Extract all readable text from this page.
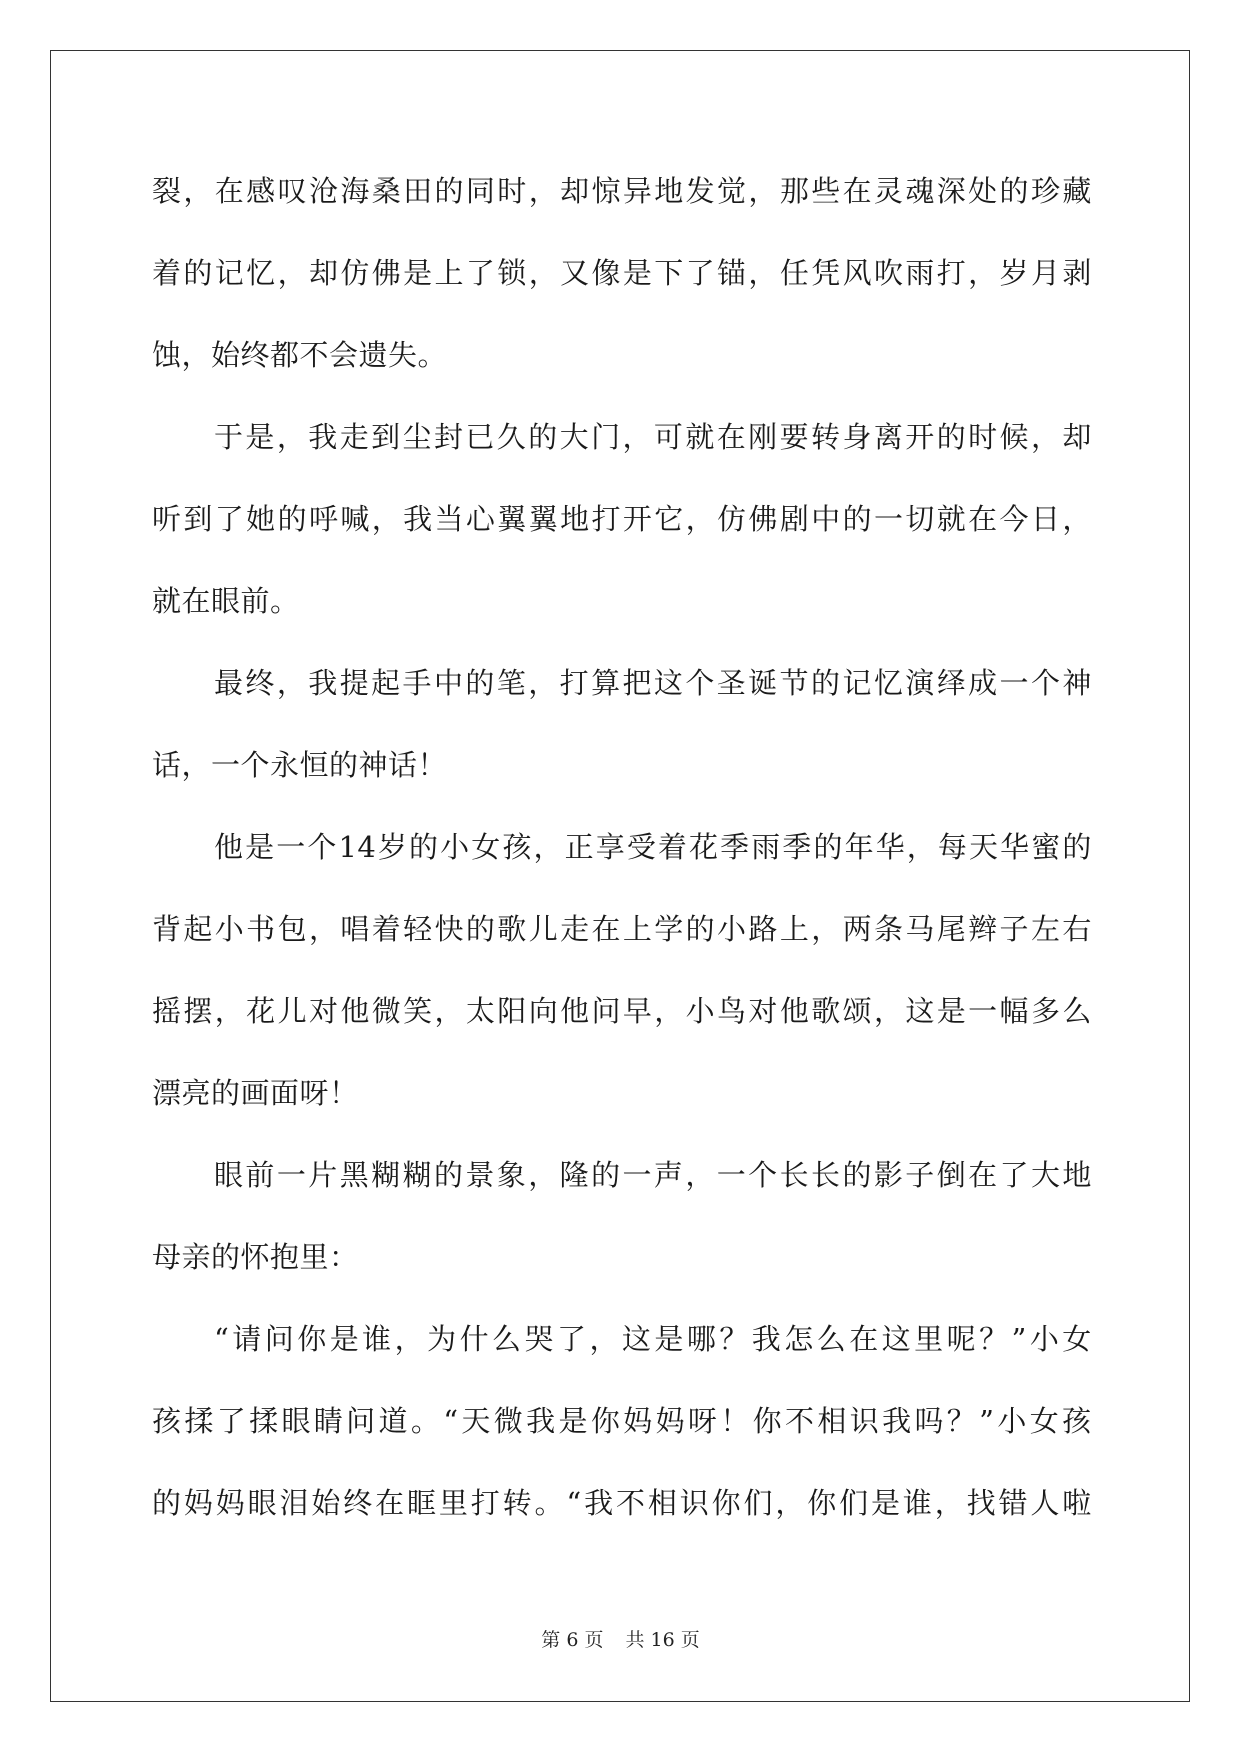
裂 ， 在 感 叹 沧 海 桑 田 的 同 时 ， 却 惊 异 地 发 觉 ， 那 些 在 灵 魂 深 处 的 珍 藏
着 的 记 忆 ， 却 仿 佛 是 上 了 锁 ， 又 像 是 下 了 锚 ， 任 凭 风 吹 雨 打 ， 岁 月 剥
蚀，始终都不会遗失。
于 是 ， 我 走 到 尘 封 已 久 的 大 门 ， 可 就 在 刚 要 转 身 离 开 的 时 候 ， 却
听 到 了 她 的 呼 喊 ， 我 当 心 翼 翼 地 打 开 它 ， 仿 佛 剧 中 的 一 切 就 在 今 日 ，
就在眼前。
最 终 ， 我 提 起 手 中 的 笔 ， 打 算 把 这 个 圣 诞 节 的 记 忆 演 绎 成 一 个 神
话，一个永恒的神话！
他 是 一 个 14 岁 的 小 女 孩 ， 正 享 受 着 花 季 雨 季 的 年 华 ， 每 天 华 蜜 的
背 起 小 书 包 ， 唱 着 轻 快 的 歌 儿 走 在 上 学 的 小 路 上 ， 两 条 马 尾 辫 子 左 右
摇 摆 ， 花 儿 对 他 微 笑 ， 太 阳 向 他 问 早 ， 小 鸟 对 他 歌 颂 ， 这 是 一 幅 多 么
漂亮的画面呀！
眼 前 一 片 黑 糊 糊 的 景 象 ， 隆 的 一 声 ， 一 个 长 长 的 影 子 倒 在 了 大 地
母亲的怀抱里：
“ 请 问 你 是 谁 ， 为 什 么 哭 了 ， 这 是 哪 ？ 我 怎 么 在 这 里 呢 ？ ” 小 女
孩 揉 了 揉 眼 睛 问 道 。 “ 天 微 我 是 你 妈 妈 呀 ！ 你 不 相 识 我 吗 ？ ” 小 女 孩
的 妈 妈 眼 泪 始 终 在 眶 里 打 转 。 “ 我 不 相 识 你 们 ， 你 们 是 谁 ， 找 错 人 啦
第 6 页 共 16 页
